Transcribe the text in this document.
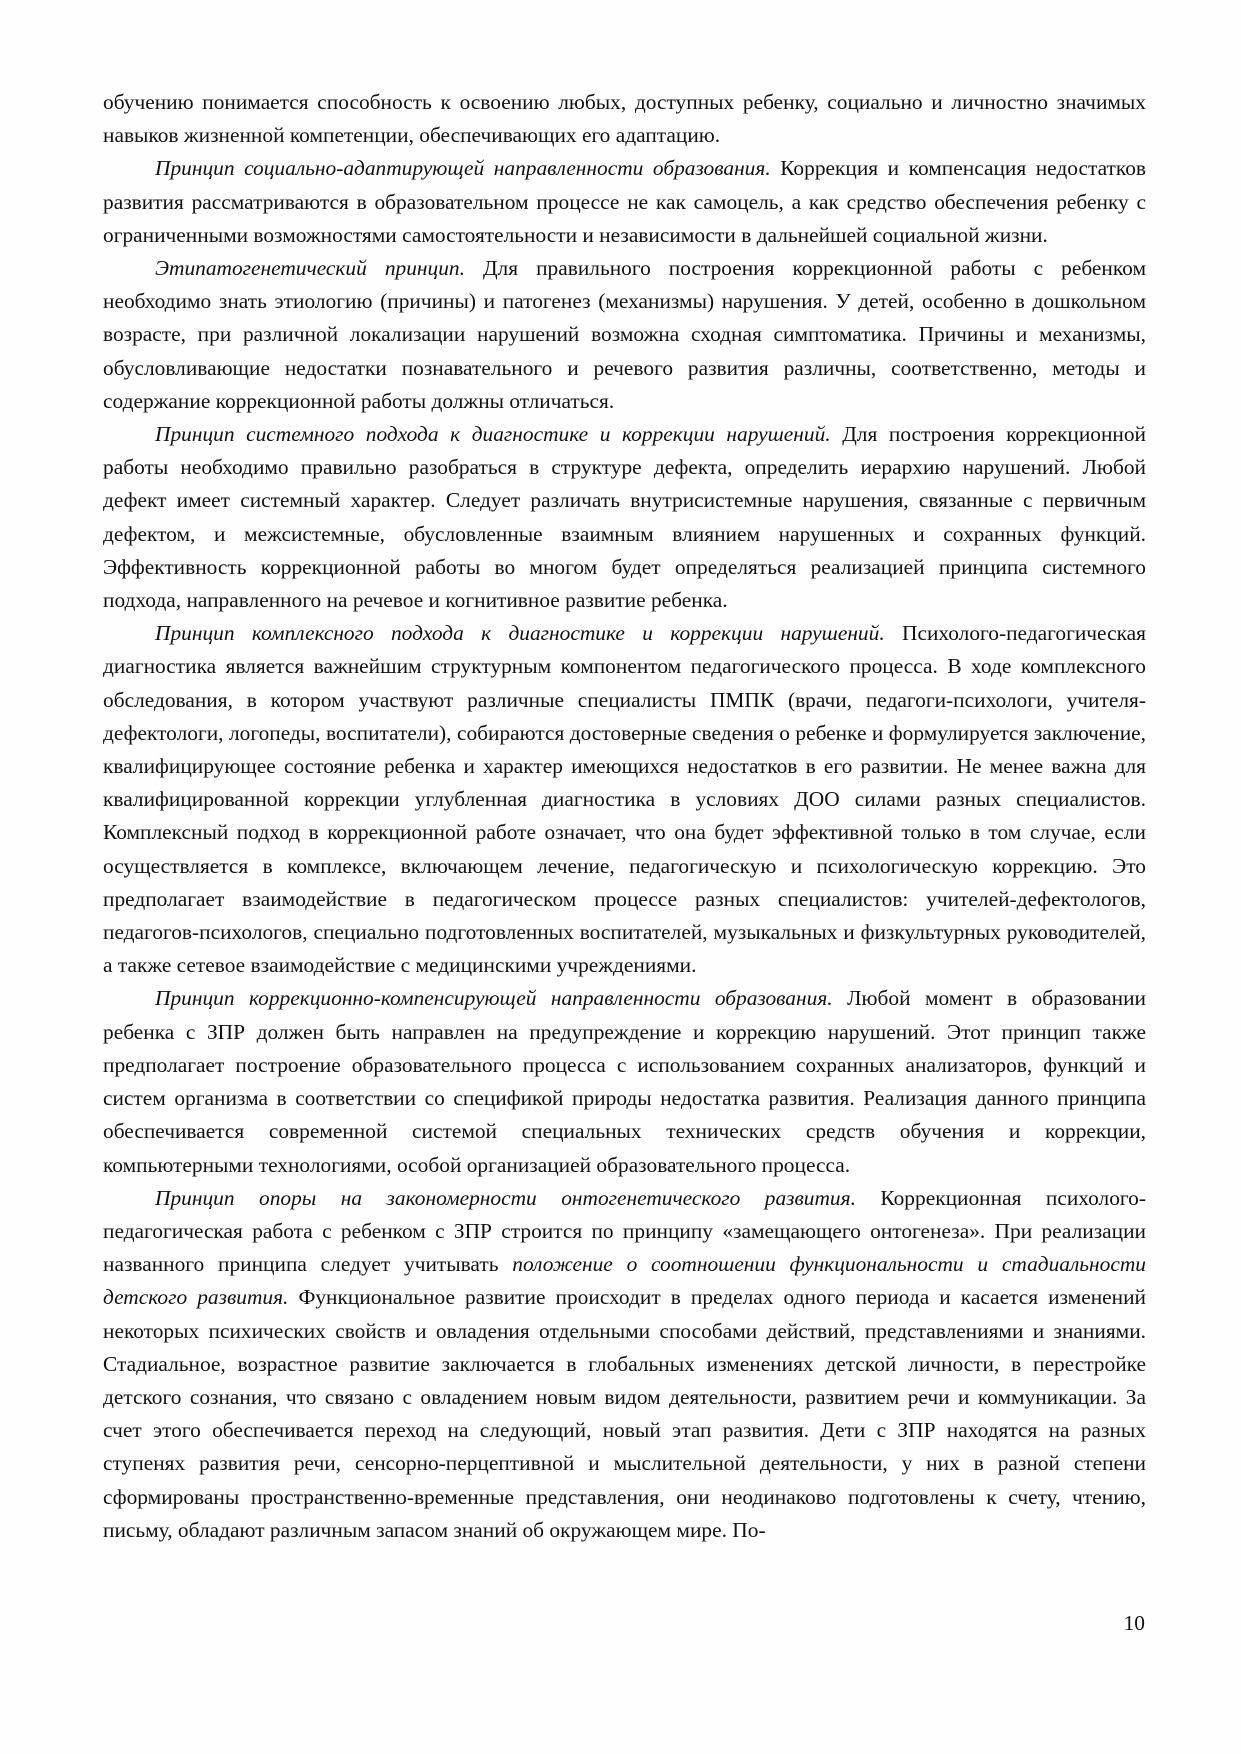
обучению понимается способность к освоению любых, доступных ребенку, социально и личностно значимых навыков жизненной компетенции, обеспечивающих его адаптацию.

Принцип социально-адаптирующей направленности образования. Коррекция и компенсация недостатков развития рассматриваются в образовательном процессе не как самоцель, а как средство обеспечения ребенку с ограниченными возможностями самостоятельности и независимости в дальнейшей социальной жизни.

Этипатогенетический принцип. Для правильного построения коррекционной работы с ребенком необходимо знать этиологию (причины) и патогенез (механизмы) нарушения. У детей, особенно в дошкольном возрасте, при различной локализации нарушений возможна сходная симптоматика. Причины и механизмы, обусловливающие недостатки познавательного и речевого развития различны, соответственно, методы и содержание коррекционной работы должны отличаться.

Принцип системного подхода к диагностике и коррекции нарушений. Для построения коррекционной работы необходимо правильно разобраться в структуре дефекта, определить иерархию нарушений. Любой дефект имеет системный характер. Следует различать внутрисистемные нарушения, связанные с первичным дефектом, и межсистемные, обусловленные взаимным влиянием нарушенных и сохранных функций. Эффективность коррекционной работы во многом будет определяться реализацией принципа системного подхода, направленного на речевое и когнитивное развитие ребенка.

Принцип комплексного подхода к диагностике и коррекции нарушений. Психолого-педагогическая диагностика является важнейшим структурным компонентом педагогического процесса. В ходе комплексного обследования, в котором участвуют различные специалисты ПМПК (врачи, педагоги-психологи, учителя-дефектологи, логопеды, воспитатели), собираются достоверные сведения о ребенке и формулируется заключение, квалифицирующее состояние ребенка и характер имеющихся недостатков в его развитии. Не менее важна для квалифицированной коррекции углубленная диагностика в условиях ДОО силами разных специалистов. Комплексный подход в коррекционной работе означает, что она будет эффективной только в том случае, если осуществляется в комплексе, включающем лечение, педагогическую и психологическую коррекцию. Это предполагает взаимодействие в педагогическом процессе разных специалистов: учителей-дефектологов, педагогов-психологов, специально подготовленных воспитателей, музыкальных и физкультурных руководителей, а также сетевое взаимодействие с медицинскими учреждениями.

Принцип коррекционно-компенсирующей направленности образования. Любой момент в образовании ребенка с ЗПР должен быть направлен на предупреждение и коррекцию нарушений. Этот принцип также предполагает построение образовательного процесса с использованием сохранных анализаторов, функций и систем организма в соответствии со спецификой природы недостатка развития. Реализация данного принципа обеспечивается современной системой специальных технических средств обучения и коррекции, компьютерными технологиями, особой организацией образовательного процесса.

Принцип опоры на закономерности онтогенетического развития. Коррекционная психолого-педагогическая работа с ребенком с ЗПР строится по принципу «замещающего онтогенеза». При реализации названного принципа следует учитывать положение о соотношении функциональности и стадиальности детского развития. Функциональное развитие происходит в пределах одного периода и касается изменений некоторых психических свойств и овладения отдельными способами действий, представлениями и знаниями. Стадиальное, возрастное развитие заключается в глобальных изменениях детской личности, в перестройке детского сознания, что связано с овладением новым видом деятельности, развитием речи и коммуникации. За счет этого обеспечивается переход на следующий, новый этап развития. Дети с ЗПР находятся на разных ступенях развития речи, сенсорно-перцептивной и мыслительной деятельности, у них в разной степени сформированы пространственно-временные представления, они неодинаково подготовлены к счету, чтению, письму, обладают различным запасом знаний об окружающем мире. По-

10
